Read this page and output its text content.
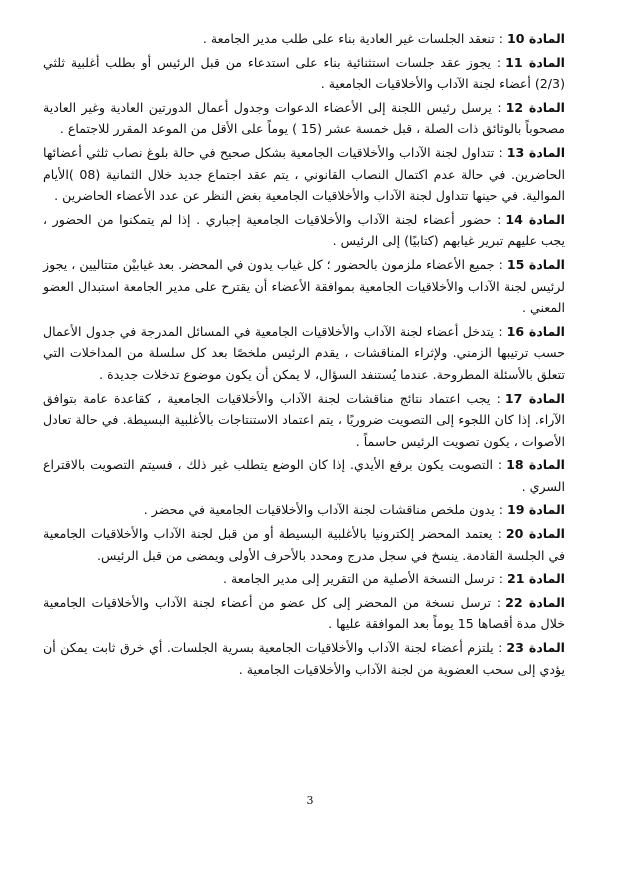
المادة 10: تنعقد الجلسات غير العادية بناء على طلب مدير الجامعة .

المادة 11: يجوز عقد جلسات استثنائية بناء على استدعاء من قبل الرئيس أو بطلب أغلبية ثلثي (2/3) أعضاء لجنة الآداب والأخلاقيات الجامعية .

المادة 12: يرسل رئيس اللجنة إلى الأعضاء الدعوات وجدول أعمال الدورتين العادية وغير العادية مصحوباً بالوثائق ذات الصلة ، قبل خمسة عشر (15 ) يوماً على الأقل من الموعد المقرر للاجتماع .

المادة 13: تتداول لجنة الآداب والأخلاقيات الجامعية بشكل صحيح في حالة بلوغ نصاب ثلثي أعضائها الحاضرين. في حالة عدم اكتمال النصاب القانوني ، يتم عقد اجتماع جديد خلال الثمانية (08 )الأيام الموالية. في حينها تتداول لجنة الآداب والأخلاقيات الجامعية بغض النظر عن عدد الأعضاء الحاضرين .

المادة 14: حضور أعضاء لجنة الآداب والأخلاقيات الجامعية إجباري . إذا لم يتمكنوا من الحضور ، يجب عليهم تبرير غيابهم (كتابيًا) إلى الرئيس .

المادة 15: جميع الأعضاء ملزمون بالحضور ؛ كل غياب يدون في المحضر. بعد غيابيْن متتاليين ، يجوز لرئيس لجنة الآداب والأخلاقيات الجامعية بموافقة الأعضاء أن يقترح على مدير الجامعة استبدال العضو المعني .

المادة 16: يتدخل أعضاء لجنة الآداب والأخلاقيات الجامعية في المسائل المدرجة في جدول الأعمال حسب ترتيبها الزمني. ولإثراء المناقشات ، يقدم الرئيس ملخصًا بعد كل سلسلة من المداخلات التي تتعلق بالأسئلة المطروحة. عندما يُستنفد السؤال، لا يمكن أن يكون موضوع تدخلات جديدة .

المادة 17: يجب اعتماد نتائج مناقشات لجنة الآداب والأخلاقيات الجامعية ، كقاعدة عامة بتوافق الآراء. إذا كان اللجوء إلى التصويت ضروريًا ، يتم اعتماد الاستنتاجات بالأغلبية البسيطة. في حالة تعادل الأصوات ، يكون تصويت الرئيس حاسماً .

المادة 18: التصويت يكون برفع الأيدي. إذا كان الوضع يتطلب غير ذلك ، فسيتم التصويت بالاقتراع السري .

المادة 19: يدون ملخص مناقشات لجنة الآداب والأخلاقيات الجامعية في محضر .

المادة 20: يعتمد المحضر إلكترونيا بالأغلبية البسيطة أو من قبل لجنة الآداب والأخلاقيات الجامعية في الجلسة القادمة. ينسخ في سجل مدرج ومحدد بالأحرف الأولى ويمضى من قبل الرئيس.

المادة 21: ترسل النسخة الأصلية من التقرير إلى مدير الجامعة .

المادة 22: ترسل نسخة من المحضر إلى كل عضو من أعضاء لجنة الآداب والأخلاقيات الجامعية خلال مدة أقصاها 15 يوماً بعد الموافقة عليها .

المادة 23: يلتزم أعضاء لجنة الآداب والأخلاقيات الجامعية بسرية الجلسات. أي خرق ثابت يمكن أن يؤدي إلى سحب العضوية من لجنة الآداب والأخلاقيات الجامعية .

3
